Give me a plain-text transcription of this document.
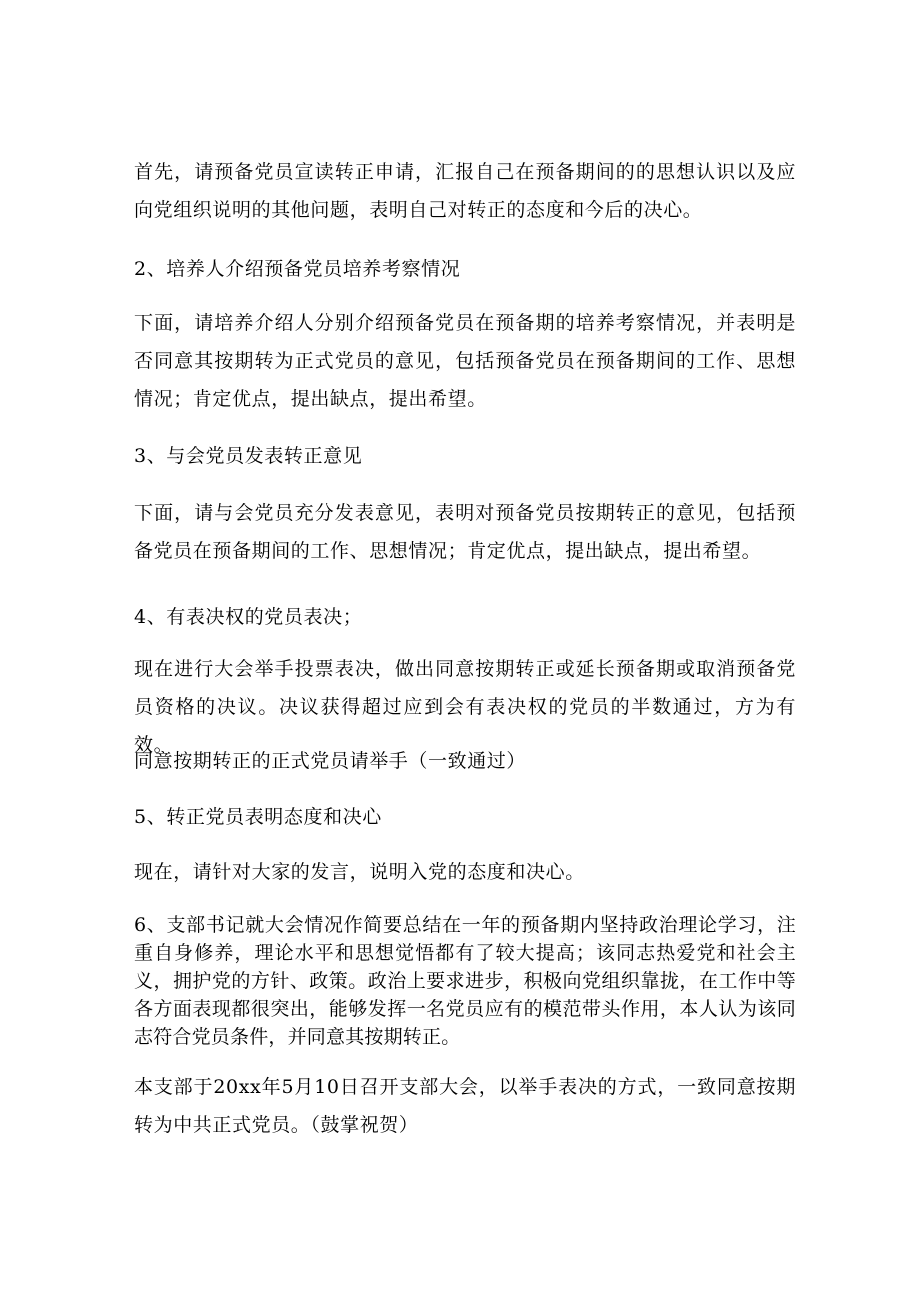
首先，请预备党员宣读转正申请，汇报自己在预备期间的的思想认识以及应向党组织说明的其他问题，表明自己对转正的态度和今后的决心。

2、培养人介绍预备党员培养考察情况

下面，请培养介绍人分别介绍预备党员在预备期的培养考察情况，并表明是否同意其按期转为正式党员的意见，包括预备党员在预备期间的工作、思想情况；肯定优点，提出缺点，提出希望。

3、与会党员发表转正意见

下面，请与会党员充分发表意见，表明对预备党员按期转正的意见，包括预备党员在预备期间的工作、思想情况；肯定优点，提出缺点，提出希望。

4、有表决权的党员表决；

现在进行大会举手投票表决，做出同意按期转正或延长预备期或取消预备党员资格的决议。决议获得超过应到会有表决权的党员的半数通过，方为有效。

同意按期转正的正式党员请举手（一致通过）

5、转正党员表明态度和决心

现在，请针对大家的发言，说明入党的态度和决心。

6、支部书记就大会情况作简要总结在一年的预备期内坚持政治理论学习，注重自身修养，理论水平和思想觉悟都有了较大提高；该同志热爱党和社会主义，拥护党的方针、政策。政治上要求进步，积极向党组织靠拢，在工作中等各方面表现都很突出，能够发挥一名党员应有的模范带头作用，本人认为该同志符合党员条件，并同意其按期转正。

本支部于20xx年5月10日召开支部大会，以举手表决的方式，一致同意按期转为中共正式党员。（鼓掌祝贺）
